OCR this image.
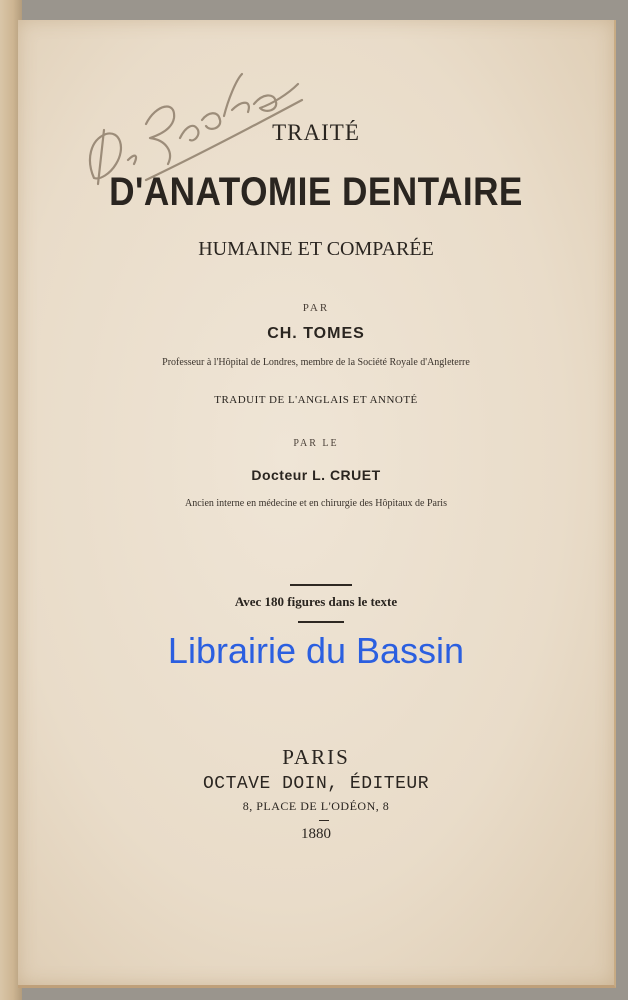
TRAITÉ
D'ANATOMIE DENTAIRE
HUMAINE ET COMPARÉE
PAR
CH. TOMES
Professeur à l'Hôpital de Londres, membre de la Société Royale d'Angleterre
TRADUIT DE L'ANGLAIS ET ANNOTÉ
PAR LE
Docteur L. CRUET
Ancien interne en médecine et en chirurgie des Hôpitaux de Paris
Avec 180 figures dans le texte
Librairie du Bassin
PARIS
OCTAVE DOIN, ÉDITEUR
8, PLACE DE L'ODÉON, 8
1880
